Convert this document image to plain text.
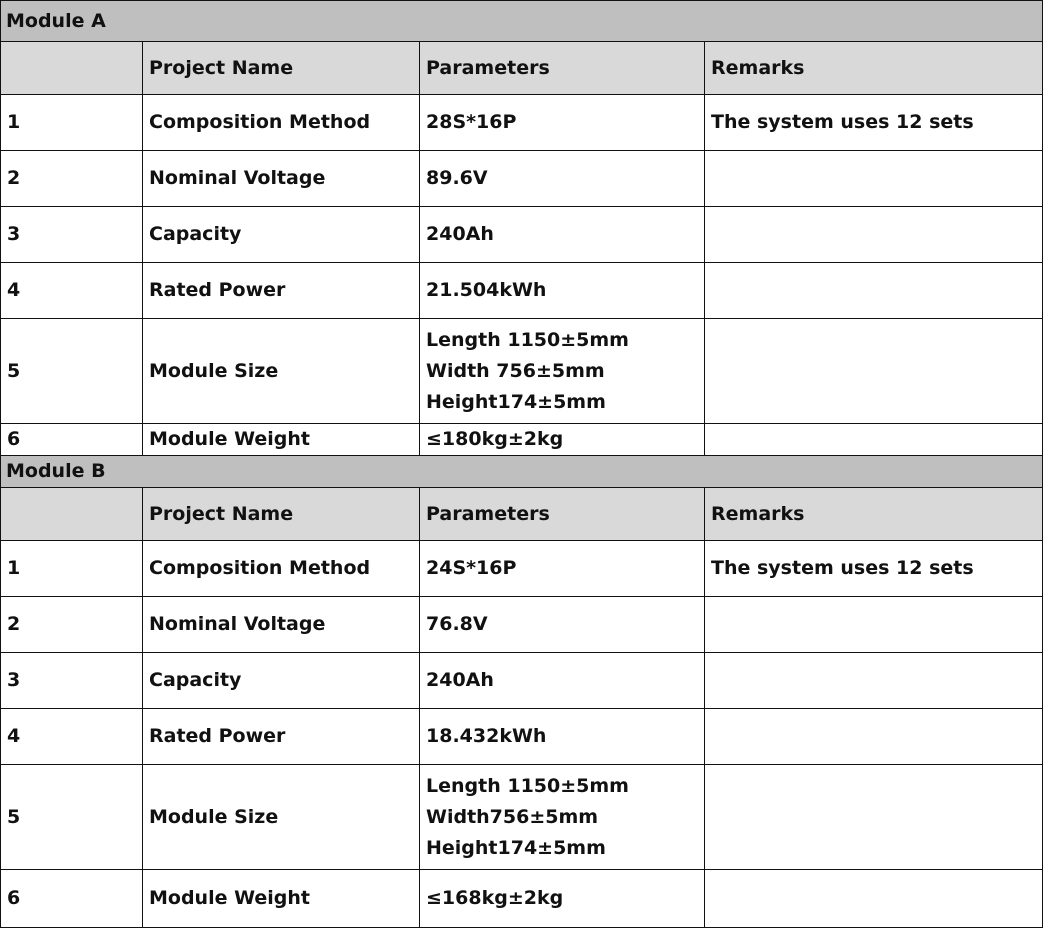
Module A			
	Project Name	Parameters	Remarks
1	Composition Method	28S*16P	The system uses 12 sets
2	Nominal Voltage	89.6V	
3	Capacity	240Ah	
4	Rated Power	21.504kWh	
5	Module Size	Length 1150±5mm
Width 756±5mm
Height174±5mm	

6	Module Weight	≤180kg±2kg	
Module B			
	Project Name	Parameters	Remarks
1	Composition Method	24S*16P	The system uses 12 sets
2	Nominal Voltage	76.8V	
3	Capacity	240Ah	
4	Rated Power	18.432kWh	
5	Module Size	Length 1150±5mm
Width756±5mm
Height174±5mm	

6	Module Weight	≤168kg±2kg	
